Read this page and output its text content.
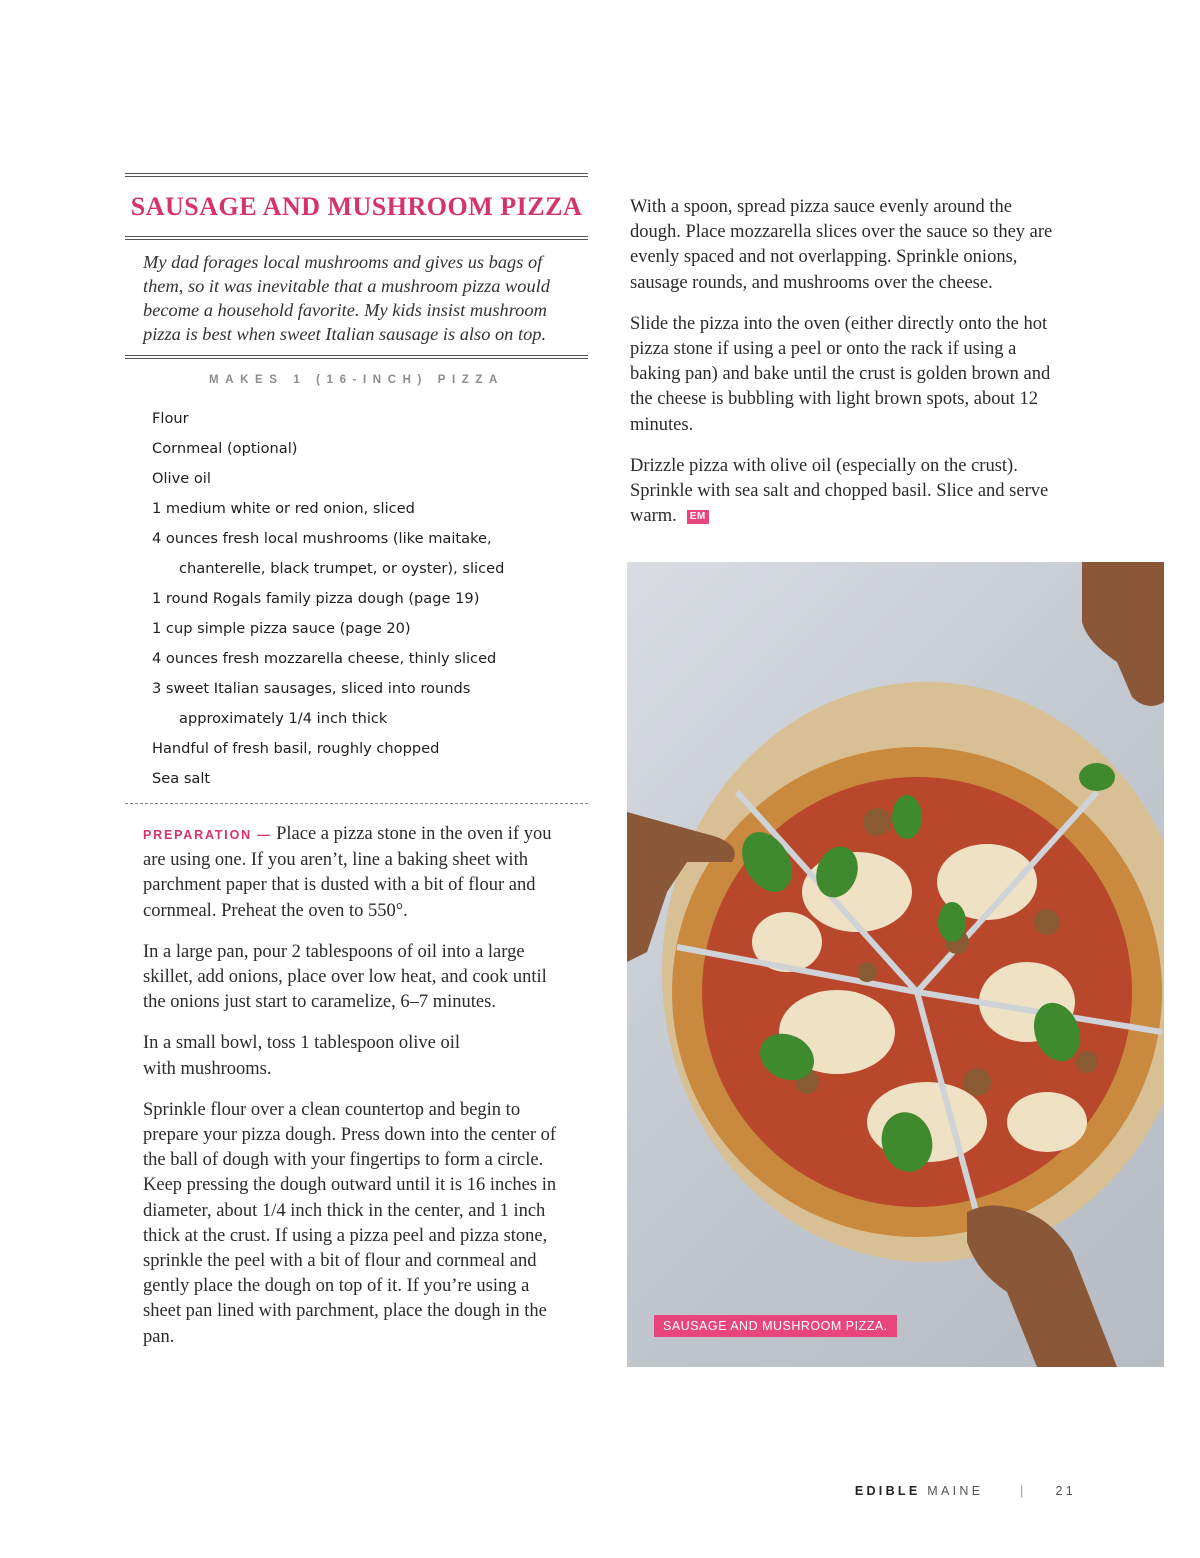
SAUSAGE AND MUSHROOM PIZZA

My dad forages local mushrooms and gives us bags of them, so it was inevitable that a mushroom pizza would become a household favorite. My kids insist mushroom pizza is best when sweet Italian sausage is also on top.

MAKES 1 (16-INCH) PIZZA
Flour
Cornmeal (optional)
Olive oil
1 medium white or red onion, sliced
4 ounces fresh local mushrooms (like maitake,
chanterelle, black trumpet, or oyster), sliced
1 round Rogals family pizza dough (page 19)
1 cup simple pizza sauce (page 20)
4 ounces fresh mozzarella cheese, thinly sliced
3 sweet Italian sausages, sliced into rounds
approximately 1/4 inch thick
Handful of fresh basil, roughly chopped
Sea salt

PREPARATION — Place a pizza stone in the oven if you are using one. If you aren’t, line a baking sheet with parchment paper that is dusted with a bit of flour and cornmeal. Preheat the oven to 550°.

In a large pan, pour 2 tablespoons of oil into a large skillet, add onions, place over low heat, and cook until the onions just start to caramelize, 6–7 minutes.

In a small bowl, toss 1 tablespoon olive oil with mushrooms.

Sprinkle flour over a clean countertop and begin to prepare your pizza dough. Press down into the center of the ball of dough with your fingertips to form a circle. Keep pressing the dough outward until it is 16 inches in diameter, about 1/4 inch thick in the center, and 1 inch thick at the crust. If using a pizza peel and pizza stone, sprinkle the peel with a bit of flour and cornmeal and gently place the dough on top of it. If you’re using a sheet pan lined with parchment, place the dough in the pan.

With a spoon, spread pizza sauce evenly around the dough. Place mozzarella slices over the sauce so they are evenly spaced and not overlapping. Sprinkle onions, sausage rounds, and mushrooms over the cheese.

Slide the pizza into the oven (either directly onto the hot pizza stone if using a peel or onto the rack if using a baking pan) and bake until the crust is golden brown and the cheese is bubbling with light brown spots, about 12 minutes.

Drizzle pizza with olive oil (especially on the crust). Sprinkle with sea salt and chopped basil. Slice and serve warm. EM

SAUSAGE AND MUSHROOM PIZZA.
EDIBLE MAINE	| 21
